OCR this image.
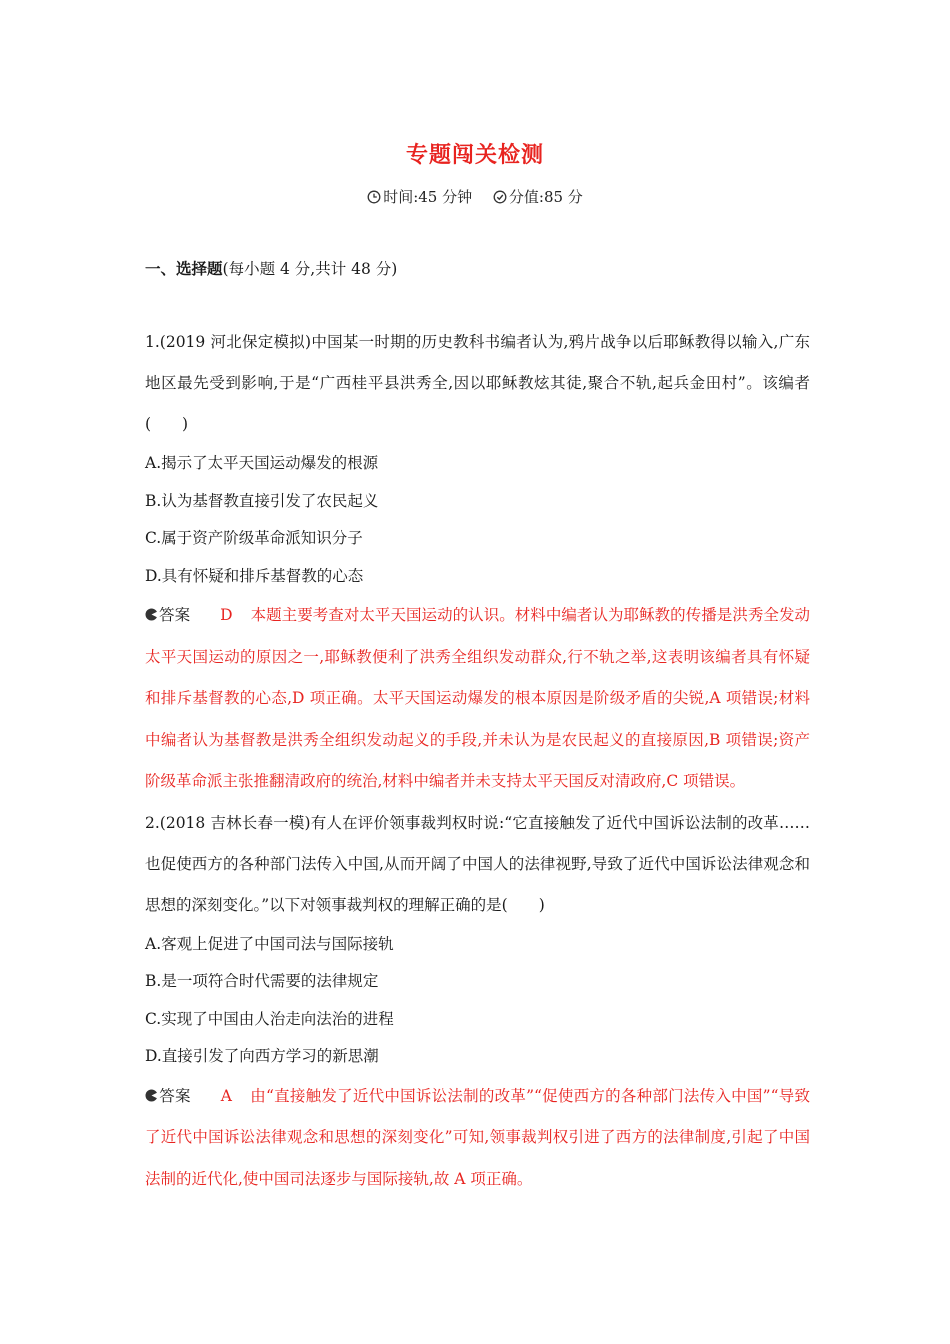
专题闯关检测
时间:45 分钟
分值:85 分
一、选择题(每小题 4 分,共计 48 分)
1.(2019 河北保定模拟)中国某一时期的历史教科书编者认为,鸦片战争以后耶稣教得以输入,广东地区最先受到影响,于是“广西桂平县洪秀全,因以耶稣教炫其徒,聚合不轨,起兵金田村”。该编者(　　)
A.揭示了太平天国运动爆发的根源
B.认为基督教直接引发了农民起义
C.属于资产阶级革命派知识分子
D.具有怀疑和排斥基督教的心态
答案 D 本题主要考查对太平天国运动的认识。材料中编者认为耶稣教的传播是洪秀全发动太平天国运动的原因之一,耶稣教便利了洪秀全组织发动群众,行不轨之举,这表明该编者具有怀疑和排斥基督教的心态,D 项正确。太平天国运动爆发的根本原因是阶级矛盾的尖锐,A 项错误;材料中编者认为基督教是洪秀全组织发动起义的手段,并未认为是农民起义的直接原因,B 项错误;资产阶级革命派主张推翻清政府的统治,材料中编者并未支持太平天国反对清政府,C 项错误。
2.(2018 吉林长春一模)有人在评价领事裁判权时说:“它直接触发了近代中国诉讼法制的改革……也促使西方的各种部门法传入中国,从而开阔了中国人的法律视野,导致了近代中国诉讼法律观念和思想的深刻变化。”以下对领事裁判权的理解正确的是(　　)
A.客观上促进了中国司法与国际接轨
B.是一项符合时代需要的法律规定
C.实现了中国由人治走向法治的进程
D.直接引发了向西方学习的新思潮
答案 A 由“直接触发了近代中国诉讼法制的改革”“促使西方的各种部门法传入中国”“导致了近代中国诉讼法律观念和思想的深刻变化”可知,领事裁判权引进了西方的法律制度,引起了中国法制的近代化,使中国司法逐步与国际接轨,故 A 项正确。
